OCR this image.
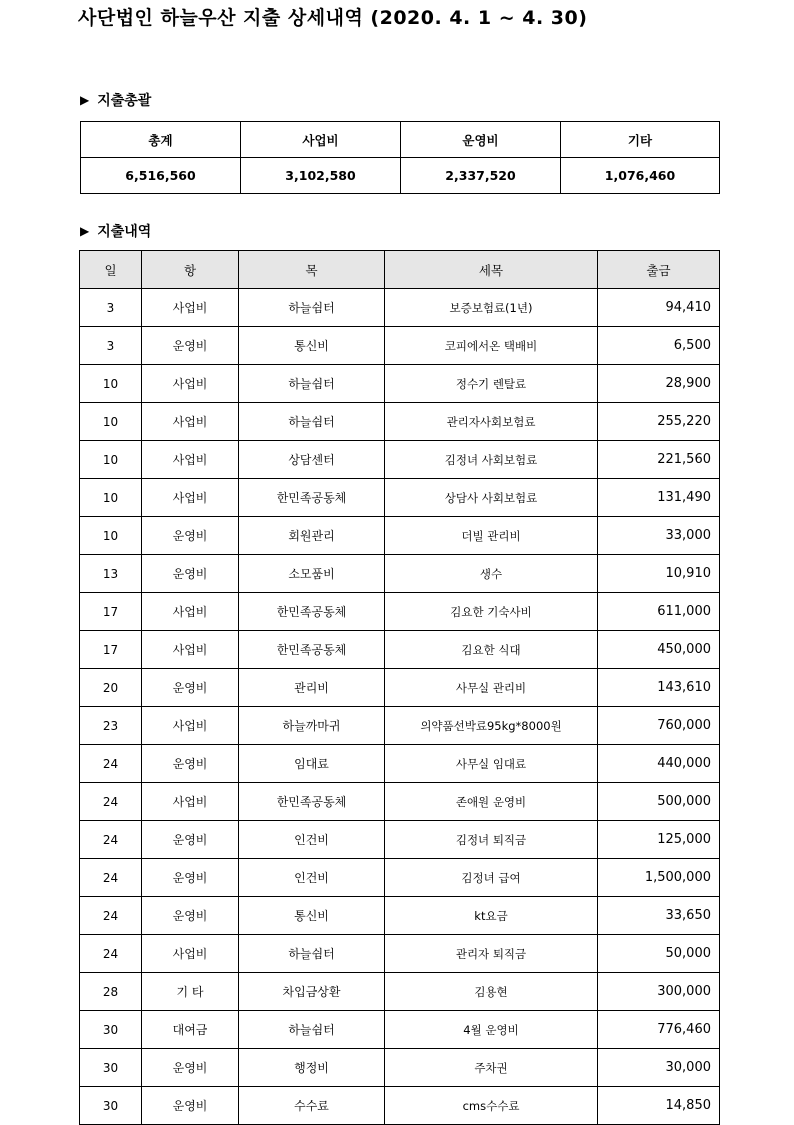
사단법인 하늘우산 지출 상세내역 (2020. 4. 1 ~ 4. 30)
▶ 지출총괄
총계	사업비	운영비	기타
6,516,560	3,102,580	2,337,520	1,076,460
▶ 지출내역
일	항	목	세목	출금
3	사업비	하늘쉼터	보증보험료(1년)	94,410
3	운영비	통신비	코피에서온 택배비	6,500
10	사업비	하늘쉼터	정수기 렌탈료	28,900
10	사업비	하늘쉼터	관리자사회보험료	255,220
10	사업비	상담센터	김정녀 사회보험료	221,560
10	사업비	한민족공동체	상담사 사회보험료	131,490
10	운영비	회원관리	더빌 관리비	33,000
13	운영비	소모품비	생수	10,910
17	사업비	한민족공동체	김요한 기숙사비	611,000
17	사업비	한민족공동체	김요한 식대	450,000
20	운영비	관리비	사무실 관리비	143,610
23	사업비	하늘까마귀	의약품선박료95kg*8000원	760,000
24	운영비	임대료	사무실 임대료	440,000
24	사업비	한민족공동체	존애원 운영비	500,000
24	운영비	인건비	김정녀 퇴직금	125,000
24	운영비	인건비	김정녀 급여	1,500,000
24	운영비	통신비	kt요금	33,650
24	사업비	하늘쉼터	관리자 퇴직금	50,000
28	기 타	차입금상환	김용현	300,000
30	대여금	하늘쉼터	4월 운영비	776,460
30	운영비	행정비	주차권	30,000
30	운영비	수수료	cms수수료	14,850
